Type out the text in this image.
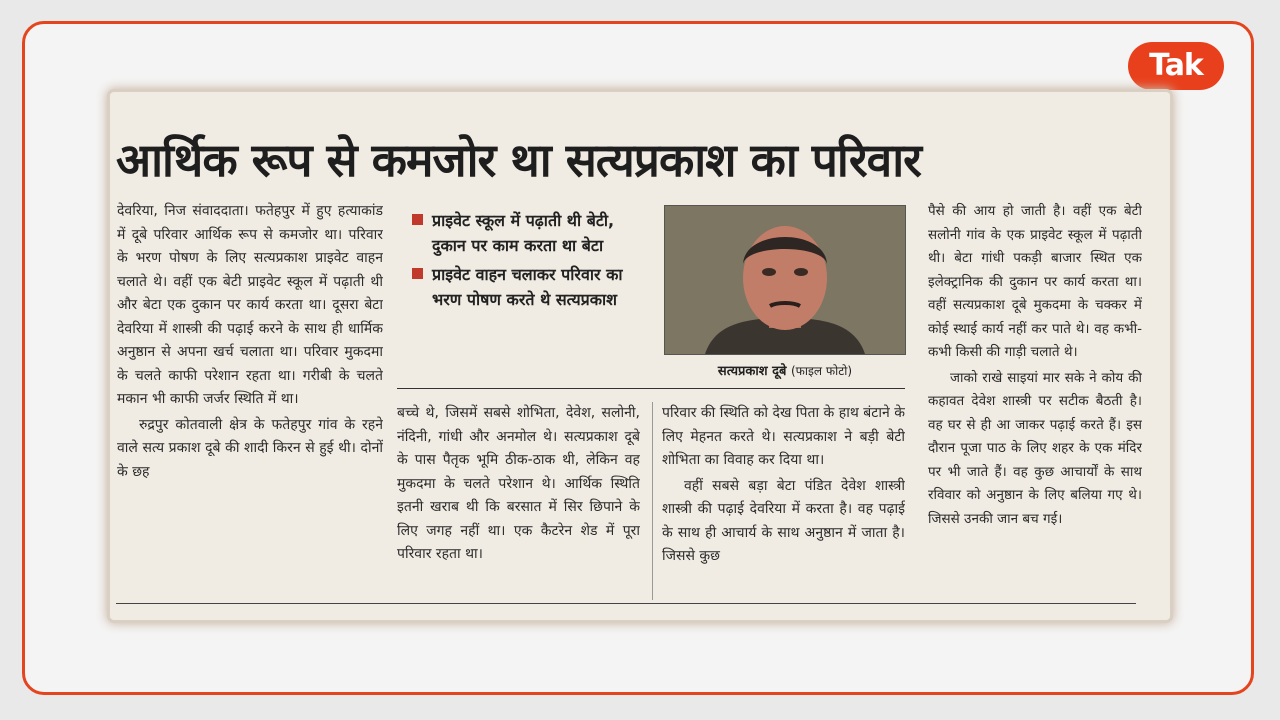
Tak
आर्थिक रूप से कमजोर था सत्यप्रकाश का परिवार

देवरिया, निज संवाददाता। फतेहपुर में हुए हत्याकांड में दूबे परिवार आर्थिक रूप से कमजोर था। परिवार के भरण पोषण के लिए सत्यप्रकाश प्राइवेट वाहन चलाते थे। वहीं एक बेटी प्राइवेट स्कूल में पढ़ाती थी और बेटा एक दुकान पर कार्य करता था। दूसरा बेटा देवरिया में शास्त्री की पढ़ाई करने के साथ ही धार्मिक अनुष्ठान से अपना खर्च चलाता था। परिवार मुकदमा के चलते काफी परेशान रहता था। गरीबी के चलते मकान भी काफी जर्जर स्थिति में था।

रुद्रपुर कोतवाली क्षेत्र के फतेहपुर गांव के रहने वाले सत्य प्रकाश दूबे की शादी किरन से हुई थी। दोनों के छह

प्राइवेट स्कूल में पढ़ाती थी बेटी, दुकान पर काम करता था बेटा
प्राइवेट वाहन चलाकर परिवार का भरण पोषण करते थे सत्यप्रकाश
सत्यप्रकाश दूबे (फाइल फोटो)

बच्चे थे, जिसमें सबसे शोभिता, देवेश, सलोनी, नंदिनी, गांधी और अनमोल थे। सत्यप्रकाश दूबे के पास पैतृक भूमि ठीक-ठाक थी, लेकिन वह मुकदमा के चलते परेशान थे। आर्थिक स्थिति इतनी खराब थी कि बरसात में सिर छिपाने के लिए जगह नहीं था। एक कैटरेन शेड में पूरा परिवार रहता था।

परिवार की स्थिति को देख पिता के हाथ बंटाने के लिए मेहनत करते थे। सत्यप्रकाश ने बड़ी बेटी शोभिता का विवाह कर दिया था।

वहीं सबसे बड़ा बेटा पंडित देवेश शास्त्री शास्त्री की पढ़ाई देवरिया में करता है। वह पढ़ाई के साथ ही आचार्य के साथ अनुष्ठान में जाता है। जिससे कुछ

पैसे की आय हो जाती है। वहीं एक बेटी सलोनी गांव के एक प्राइवेट स्कूल में पढ़ाती थी। बेटा गांधी पकड़ी बाजार स्थित एक इलेक्ट्रानिक की दुकान पर कार्य करता था। वहीं सत्यप्रकाश दूबे मुकदमा के चक्कर में कोई स्थाई कार्य नहीं कर पाते थे। वह कभी-कभी किसी की गाड़ी चलाते थे।

जाको राखे साइयां मार सके ने कोय की कहावत देवेश शास्त्री पर सटीक बैठती है। वह घर से ही आ जाकर पढ़ाई करते हैं। इस दौरान पूजा पाठ के लिए शहर के एक मंदिर पर भी जाते हैं। वह कुछ आचार्यों के साथ रविवार को अनुष्ठान के लिए बलिया गए थे। जिससे उनकी जान बच गई।
